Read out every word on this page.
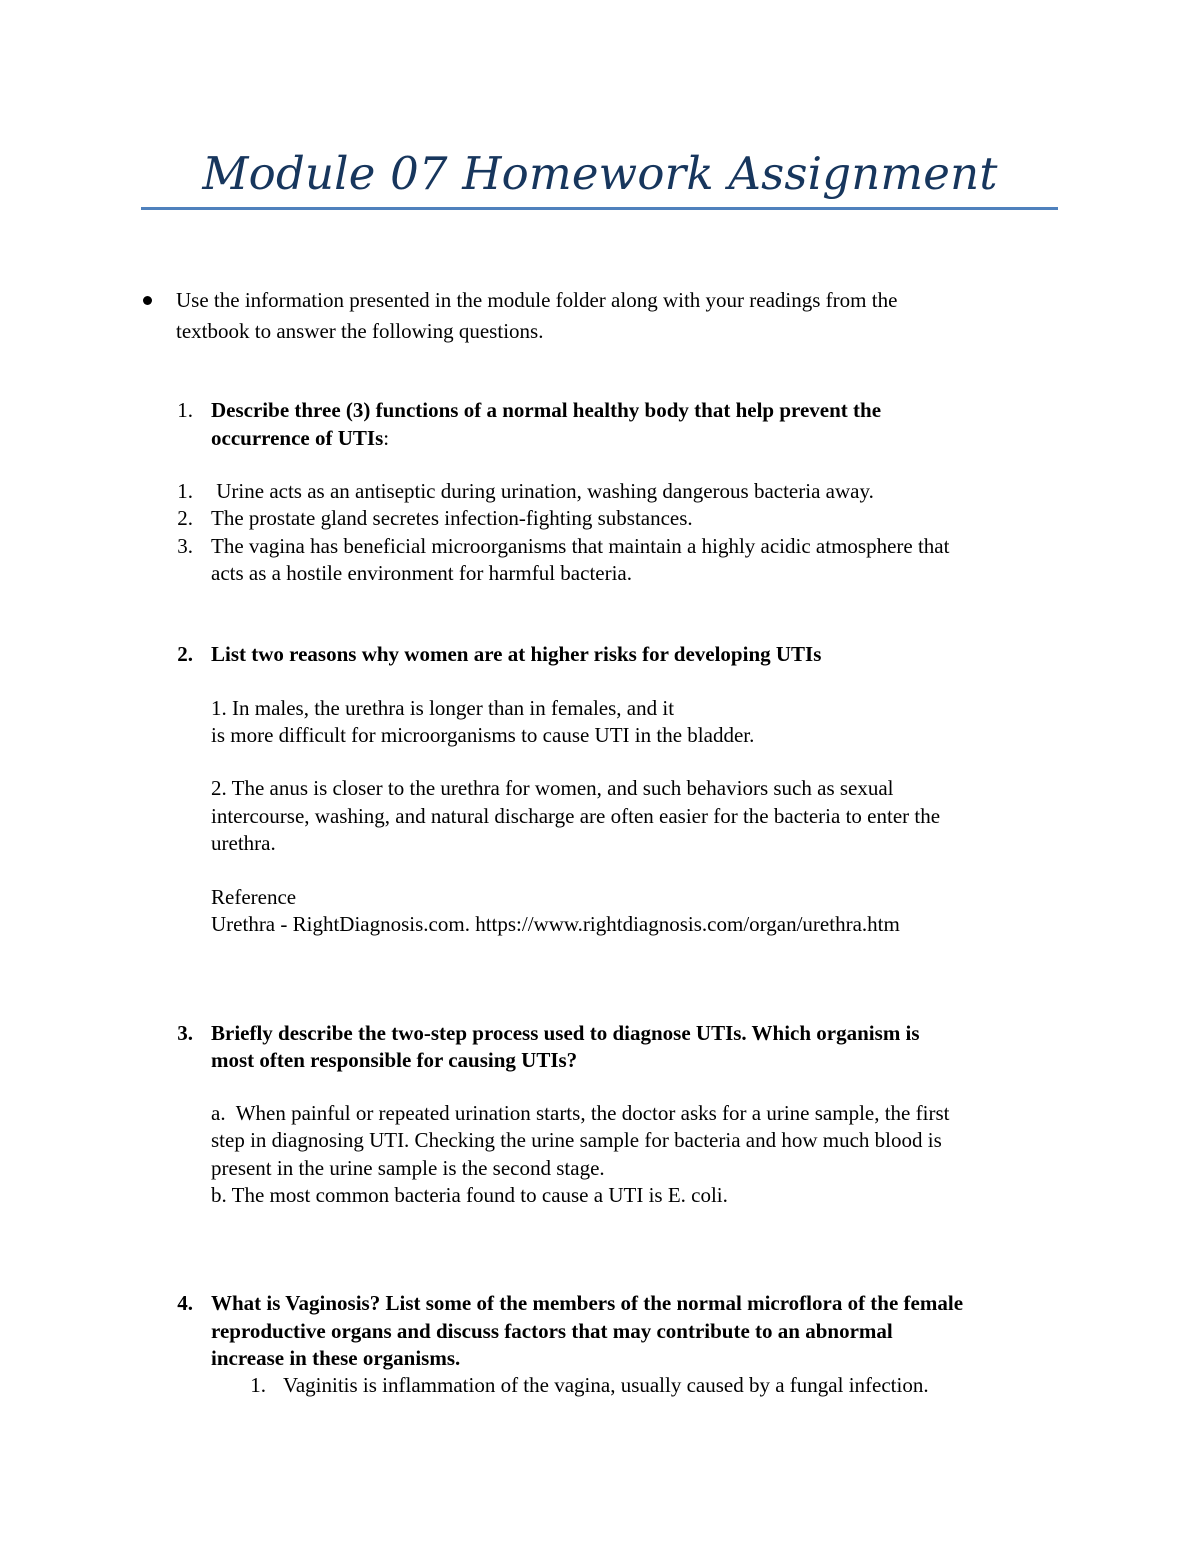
Module 07 Homework Assignment
Use the information presented in the module folder along with your readings from the
textbook to answer the following questions.
1. Describe three (3) functions of a normal healthy body that help prevent the
occurrence of UTIs:
1. Urine acts as an antiseptic during urination, washing dangerous bacteria away.
2. The prostate gland secretes infection-fighting substances.
3. The vagina has beneficial microorganisms that maintain a highly acidic atmosphere that
acts as a hostile environment for harmful bacteria.
2. List two reasons why women are at higher risks for developing UTIs
1. In males, the urethra is longer than in females, and it
is more difficult for microorganisms to cause UTI in the bladder.
2. The anus is closer to the urethra for women, and such behaviors such as sexual
intercourse, washing, and natural discharge are often easier for the bacteria to enter the
urethra.
Reference
Urethra - RightDiagnosis.com. https://www.rightdiagnosis.com/organ/urethra.htm
3. Briefly describe the two-step process used to diagnose UTIs. Which organism is
most often responsible for causing UTIs?
a.  When painful or repeated urination starts, the doctor asks for a urine sample, the first
step in diagnosing UTI. Checking the urine sample for bacteria and how much blood is
present in the urine sample is the second stage.
b. The most common bacteria found to cause a UTI is E. coli.
4. What is Vaginosis? List some of the members of the normal microflora of the female
reproductive organs and discuss factors that may contribute to an abnormal
increase in these organisms.
1. Vaginitis is inflammation of the vagina, usually caused by a fungal infection.
